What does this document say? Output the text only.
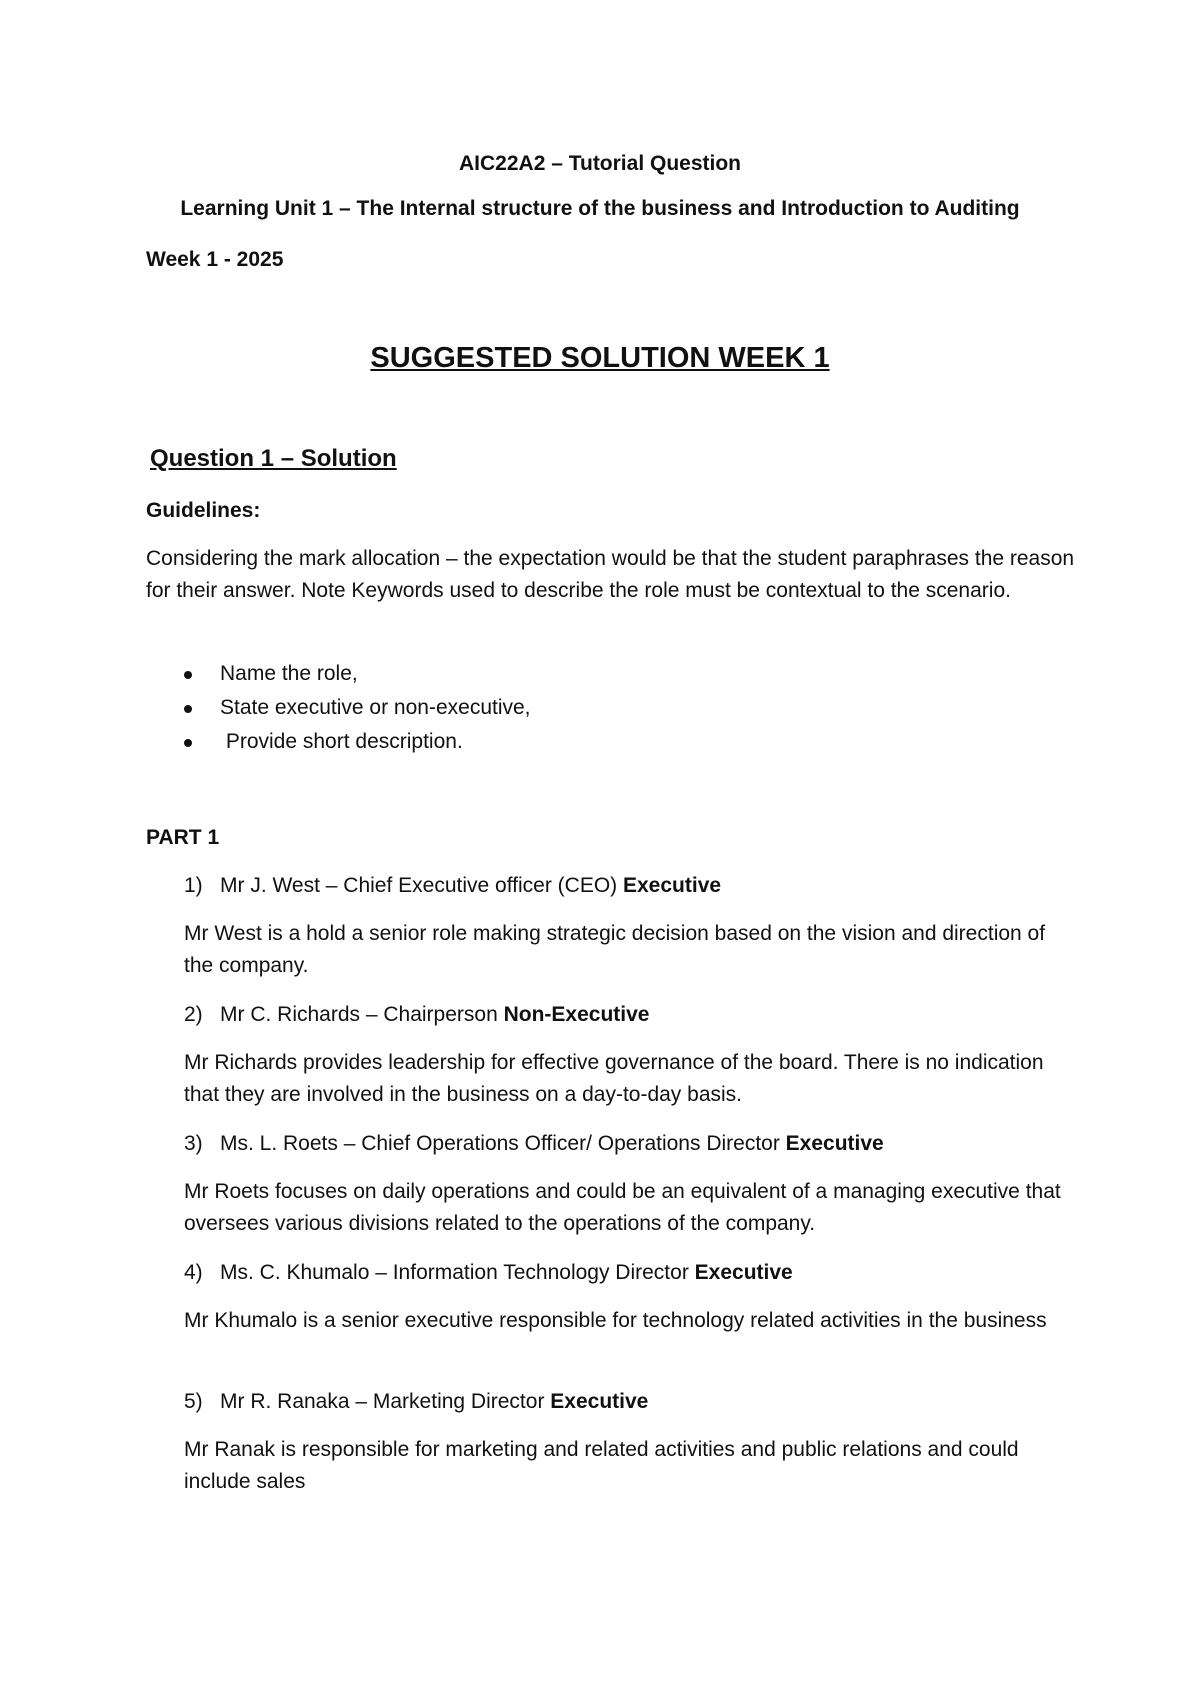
AIC22A2 – Tutorial Question
Learning Unit 1 – The Internal structure of the business and Introduction to Auditing
Week 1 - 2025
SUGGESTED SOLUTION WEEK 1
Question 1 – Solution
Guidelines:
Considering the mark allocation – the expectation would be that the student paraphrases the reason for their answer. Note Keywords used to describe the role must be contextual to the scenario.
Name the role,
State executive or non-executive,
Provide short description.
PART 1
1) Mr J. West – Chief Executive officer (CEO) Executive
Mr West is a hold a senior role making strategic decision based on the vision and direction of the company.
2) Mr C. Richards – Chairperson Non-Executive
Mr Richards provides leadership for effective governance of the board. There is no indication that they are involved in the business on a day-to-day basis.
3) Ms. L. Roets – Chief Operations Officer/ Operations Director Executive
Mr Roets focuses on daily operations and could be an equivalent of a managing executive that oversees various divisions related to the operations of the company.
4) Ms. C. Khumalo – Information Technology Director Executive
Mr Khumalo is a senior executive responsible for technology related activities in the business
5) Mr R. Ranaka – Marketing Director Executive
Mr Ranak is responsible for marketing and related activities and public relations and could include sales
